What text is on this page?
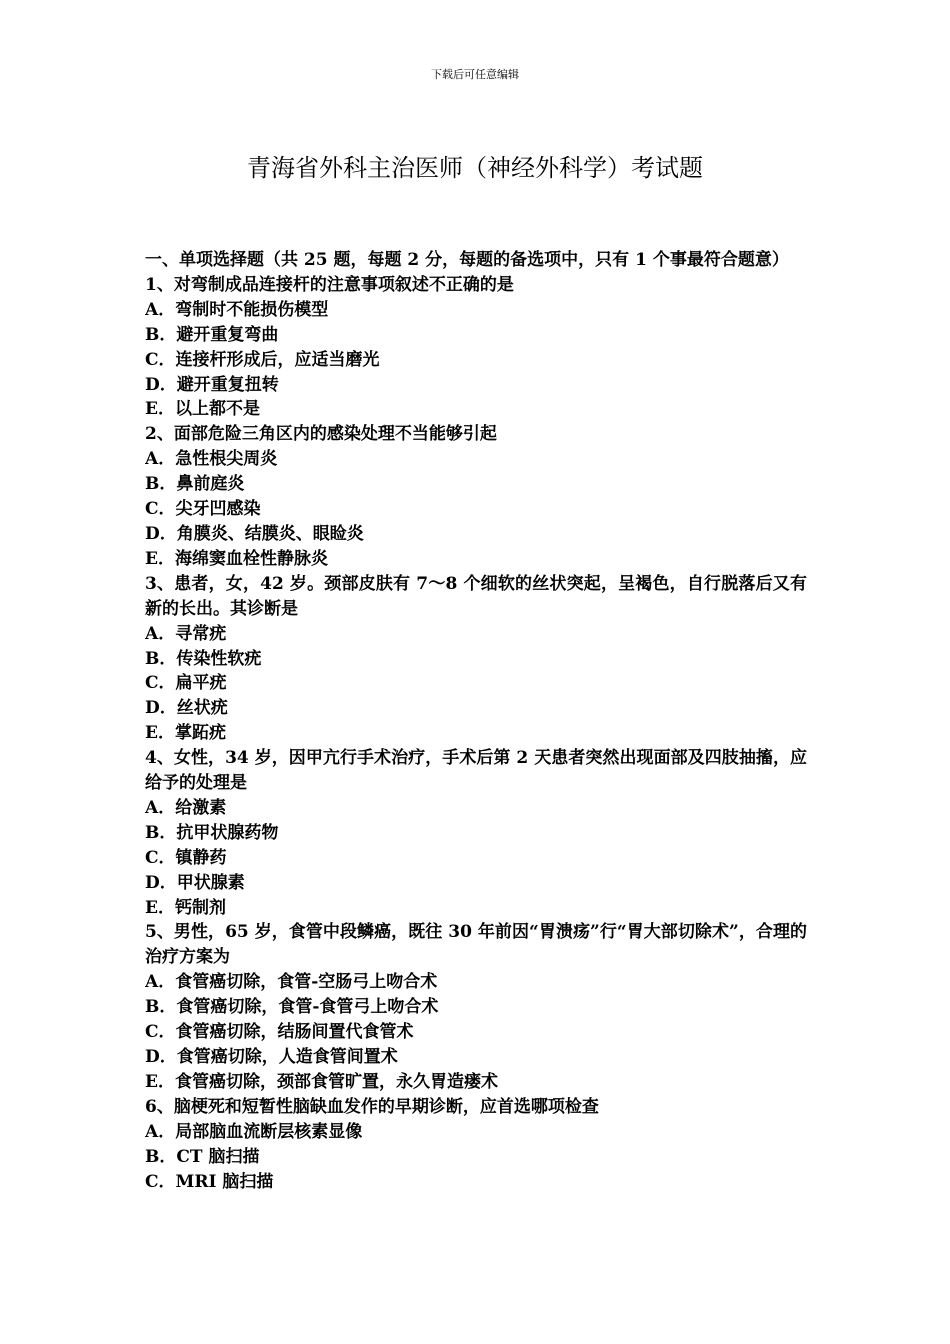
下载后可任意编辑
青海省外科主治医师（神经外科学）考试题
一、单项选择题（共 25 题，每题 2 分，每题的备选项中，只有 1 个事最符合题意）
1、对弯制成品连接杆的注意事项叙述不正确的是
A．弯制时不能损伤模型
B．避开重复弯曲
C．连接杆形成后，应适当磨光
D．避开重复扭转
E．以上都不是
2、面部危险三角区内的感染处理不当能够引起
A．急性根尖周炎
B．鼻前庭炎
C．尖牙凹感染
D．角膜炎、结膜炎、眼睑炎
E．海绵窦血栓性静脉炎
3、患者，女，42 岁。颈部皮肤有 7～8 个细软的丝状突起，呈褐色，自行脱落后又有新的长出。其诊断是
A．寻常疣
B．传染性软疣
C．扁平疣
D．丝状疣
E．掌跖疣
4、女性，34 岁，因甲亢行手术治疗，手术后第 2 天患者突然出现面部及四肢抽搐，应给予的处理是
A．给激素
B．抗甲状腺药物
C．镇静药
D．甲状腺素
E．钙制剂
5、男性，65 岁，食管中段鳞癌，既往 30 年前因“胃溃疡”行“胃大部切除术”，合理的治疗方案为
A．食管癌切除，食管-空肠弓上吻合术
B．食管癌切除，食管-食管弓上吻合术
C．食管癌切除，结肠间置代食管术
D．食管癌切除，人造食管间置术
E．食管癌切除，颈部食管旷置，永久胃造瘘术
6、脑梗死和短暂性脑缺血发作的早期诊断，应首选哪项检查
A．局部脑血流断层核素显像
B．CT 脑扫描
C．MRI 脑扫描
